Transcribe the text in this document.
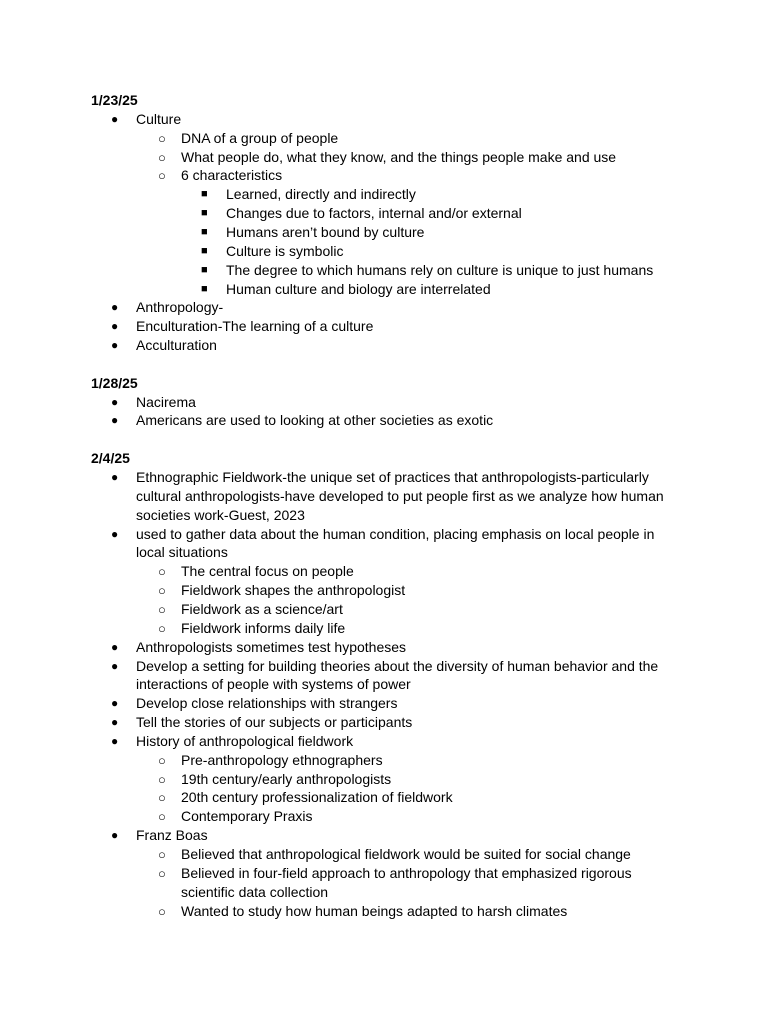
1/23/25
● Culture
○ DNA of a group of people
○ What people do, what they know, and the things people make and use
○ 6 characteristics
■ Learned, directly and indirectly
■ Changes due to factors, internal and/or external
■ Humans aren’t bound by culture
■ Culture is symbolic
■ The degree to which humans rely on culture is unique to just humans
■ Human culture and biology are interrelated
● Anthropology-
● Enculturation-The learning of a culture
● Acculturation
1/28/25
● Nacirema
● Americans are used to looking at other societies as exotic
2/4/25
● Ethnographic Fieldwork-the unique set of practices that anthropologists-particularly
cultural anthropologists-have developed to put people first as we analyze how human
societies work-Guest, 2023
● used to gather data about the human condition, placing emphasis on local people in
local situations
○ The central focus on people
○ Fieldwork shapes the anthropologist
○ Fieldwork as a science/art
○ Fieldwork informs daily life
● Anthropologists sometimes test hypotheses
● Develop a setting for building theories about the diversity of human behavior and the
interactions of people with systems of power
● Develop close relationships with strangers
● Tell the stories of our subjects or participants
● History of anthropological fieldwork
○ Pre-anthropology ethnographers
○ 19th century/early anthropologists
○ 20th century professionalization of fieldwork
○ Contemporary Praxis
● Franz Boas
○ Believed that anthropological fieldwork would be suited for social change
○ Believed in four-field approach to anthropology that emphasized rigorous
scientific data collection
○ Wanted to study how human beings adapted to harsh climates
